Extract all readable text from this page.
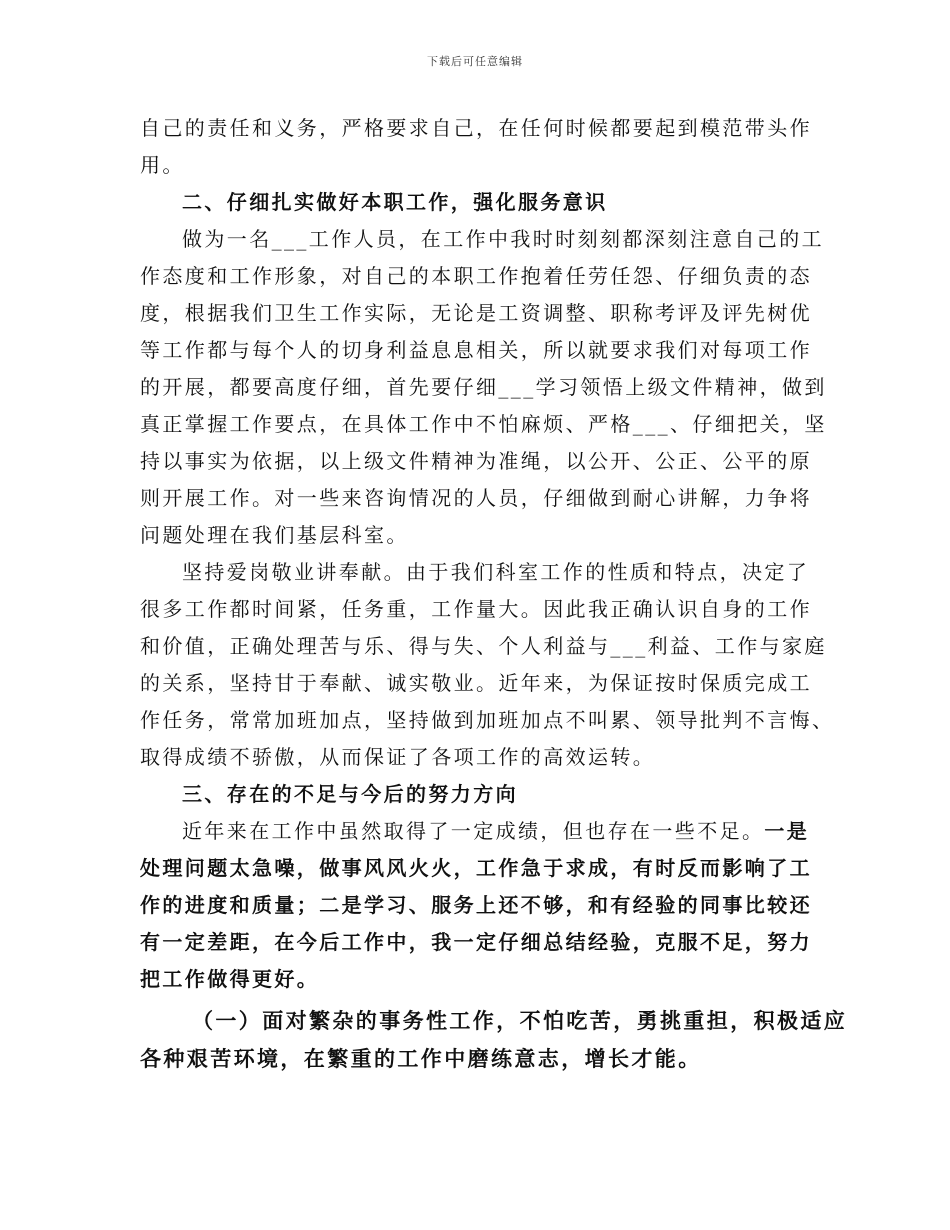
下载后可任意编辑
自己的责任和义务，严格要求自己，在任何时候都要起到模范带头作
用。
二、仔细扎实做好本职工作，强化服务意识
做为一名___工作人员，在工作中我时时刻刻都深刻注意自己的工
作态度和工作形象，对自己的本职工作抱着任劳任怨、仔细负责的态
度，根据我们卫生工作实际，无论是工资调整、职称考评及评先树优
等工作都与每个人的切身利益息息相关，所以就要求我们对每项工作
的开展，都要高度仔细，首先要仔细___学习领悟上级文件精神，做到
真正掌握工作要点，在具体工作中不怕麻烦、严格___、仔细把关，坚
持以事实为依据，以上级文件精神为准绳，以公开、公正、公平的原
则开展工作。对一些来咨询情况的人员，仔细做到耐心讲解，力争将
问题处理在我们基层科室。
坚持爱岗敬业讲奉献。由于我们科室工作的性质和特点，决定了
很多工作都时间紧，任务重，工作量大。因此我正确认识自身的工作
和价值，正确处理苦与乐、得与失、个人利益与___利益、工作与家庭
的关系，坚持甘于奉献、诚实敬业。近年来，为保证按时保质完成工
作任务，常常加班加点，坚持做到加班加点不叫累、领导批判不言悔、
取得成绩不骄傲，从而保证了各项工作的高效运转。
三、存在的不足与今后的努力方向
近年来在工作中虽然取得了一定成绩，但也存在一些不足。一是
处理问题太急噪，做事风风火火，工作急于求成，有时反而影响了工
作的进度和质量；二是学习、服务上还不够，和有经验的同事比较还
有一定差距，在今后工作中，我一定仔细总结经验，克服不足，努力
把工作做得更好。
（一）面对繁杂的事务性工作，不怕吃苦，勇挑重担，积极适应
各种艰苦环境，在繁重的工作中磨练意志，增长才能。
